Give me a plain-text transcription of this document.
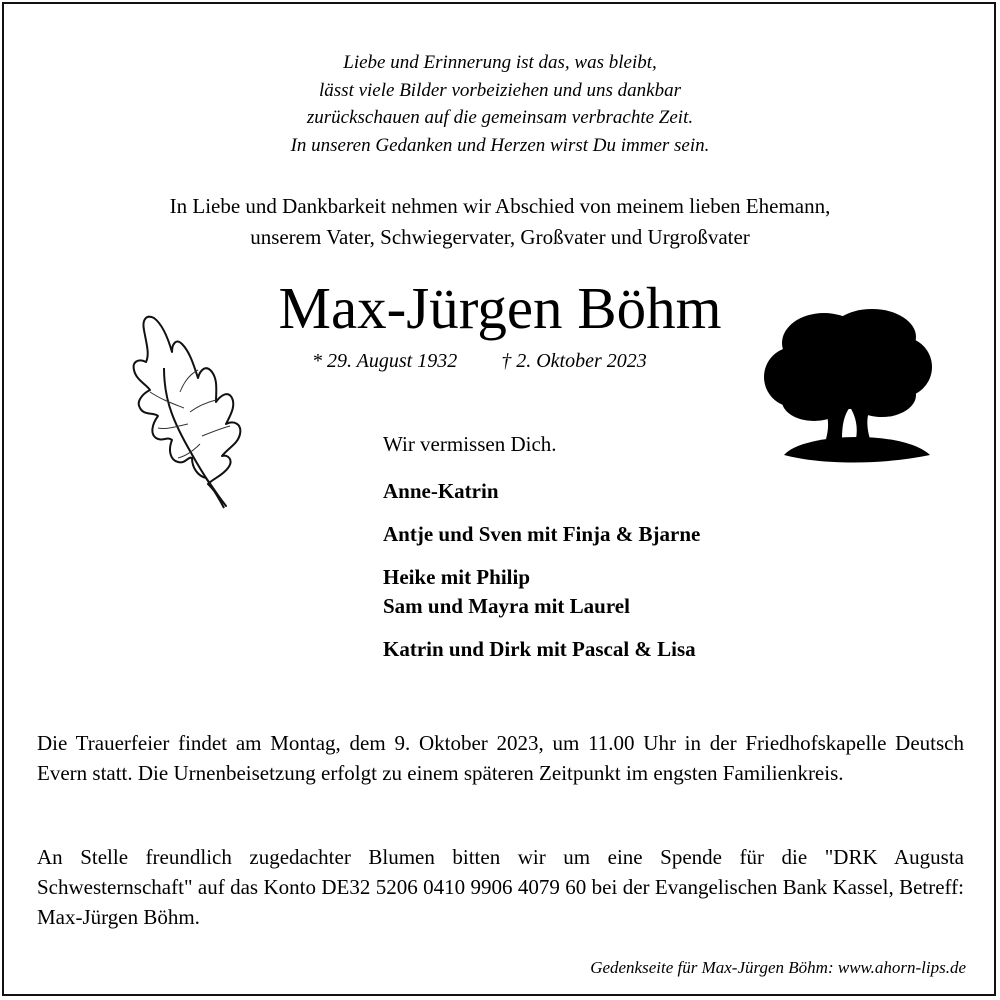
Liebe und Erinnerung ist das, was bleibt,
lässt viele Bilder vorbeiziehen und uns dankbar
zurückschauen auf die gemeinsam verbrachte Zeit.
In unseren Gedanken und Herzen wirst Du immer sein.
In Liebe und Dankbarkeit nehmen wir Abschied von meinem lieben Ehemann,
unserem Vater, Schwiegervater, Großvater und Urgroßvater
Max-Jürgen Böhm
* 29. August 1932 † 2. Oktober 2023
Wir vermissen Dich.
Anne-Katrin
Antje und Sven mit Finja & Bjarne
Heike mit Philip
Sam und Mayra mit Laurel
Katrin und Dirk mit Pascal & Lisa
Die Trauerfeier findet am Montag, dem 9. Oktober 2023, um 11.00 Uhr in der Friedhofskapelle Deutsch Evern statt. Die Urnenbeisetzung erfolgt zu einem späteren Zeitpunkt im engsten Familienkreis.
An Stelle freundlich zugedachter Blumen bitten wir um eine Spende für die "DRK Augusta Schwesternschaft" auf das Konto DE32 5206 0410 9906 4079 60 bei der Evangelischen Bank Kassel, Betreff: Max-Jürgen Böhm.
Gedenkseite für Max-Jürgen Böhm: www.ahorn-lips.de
